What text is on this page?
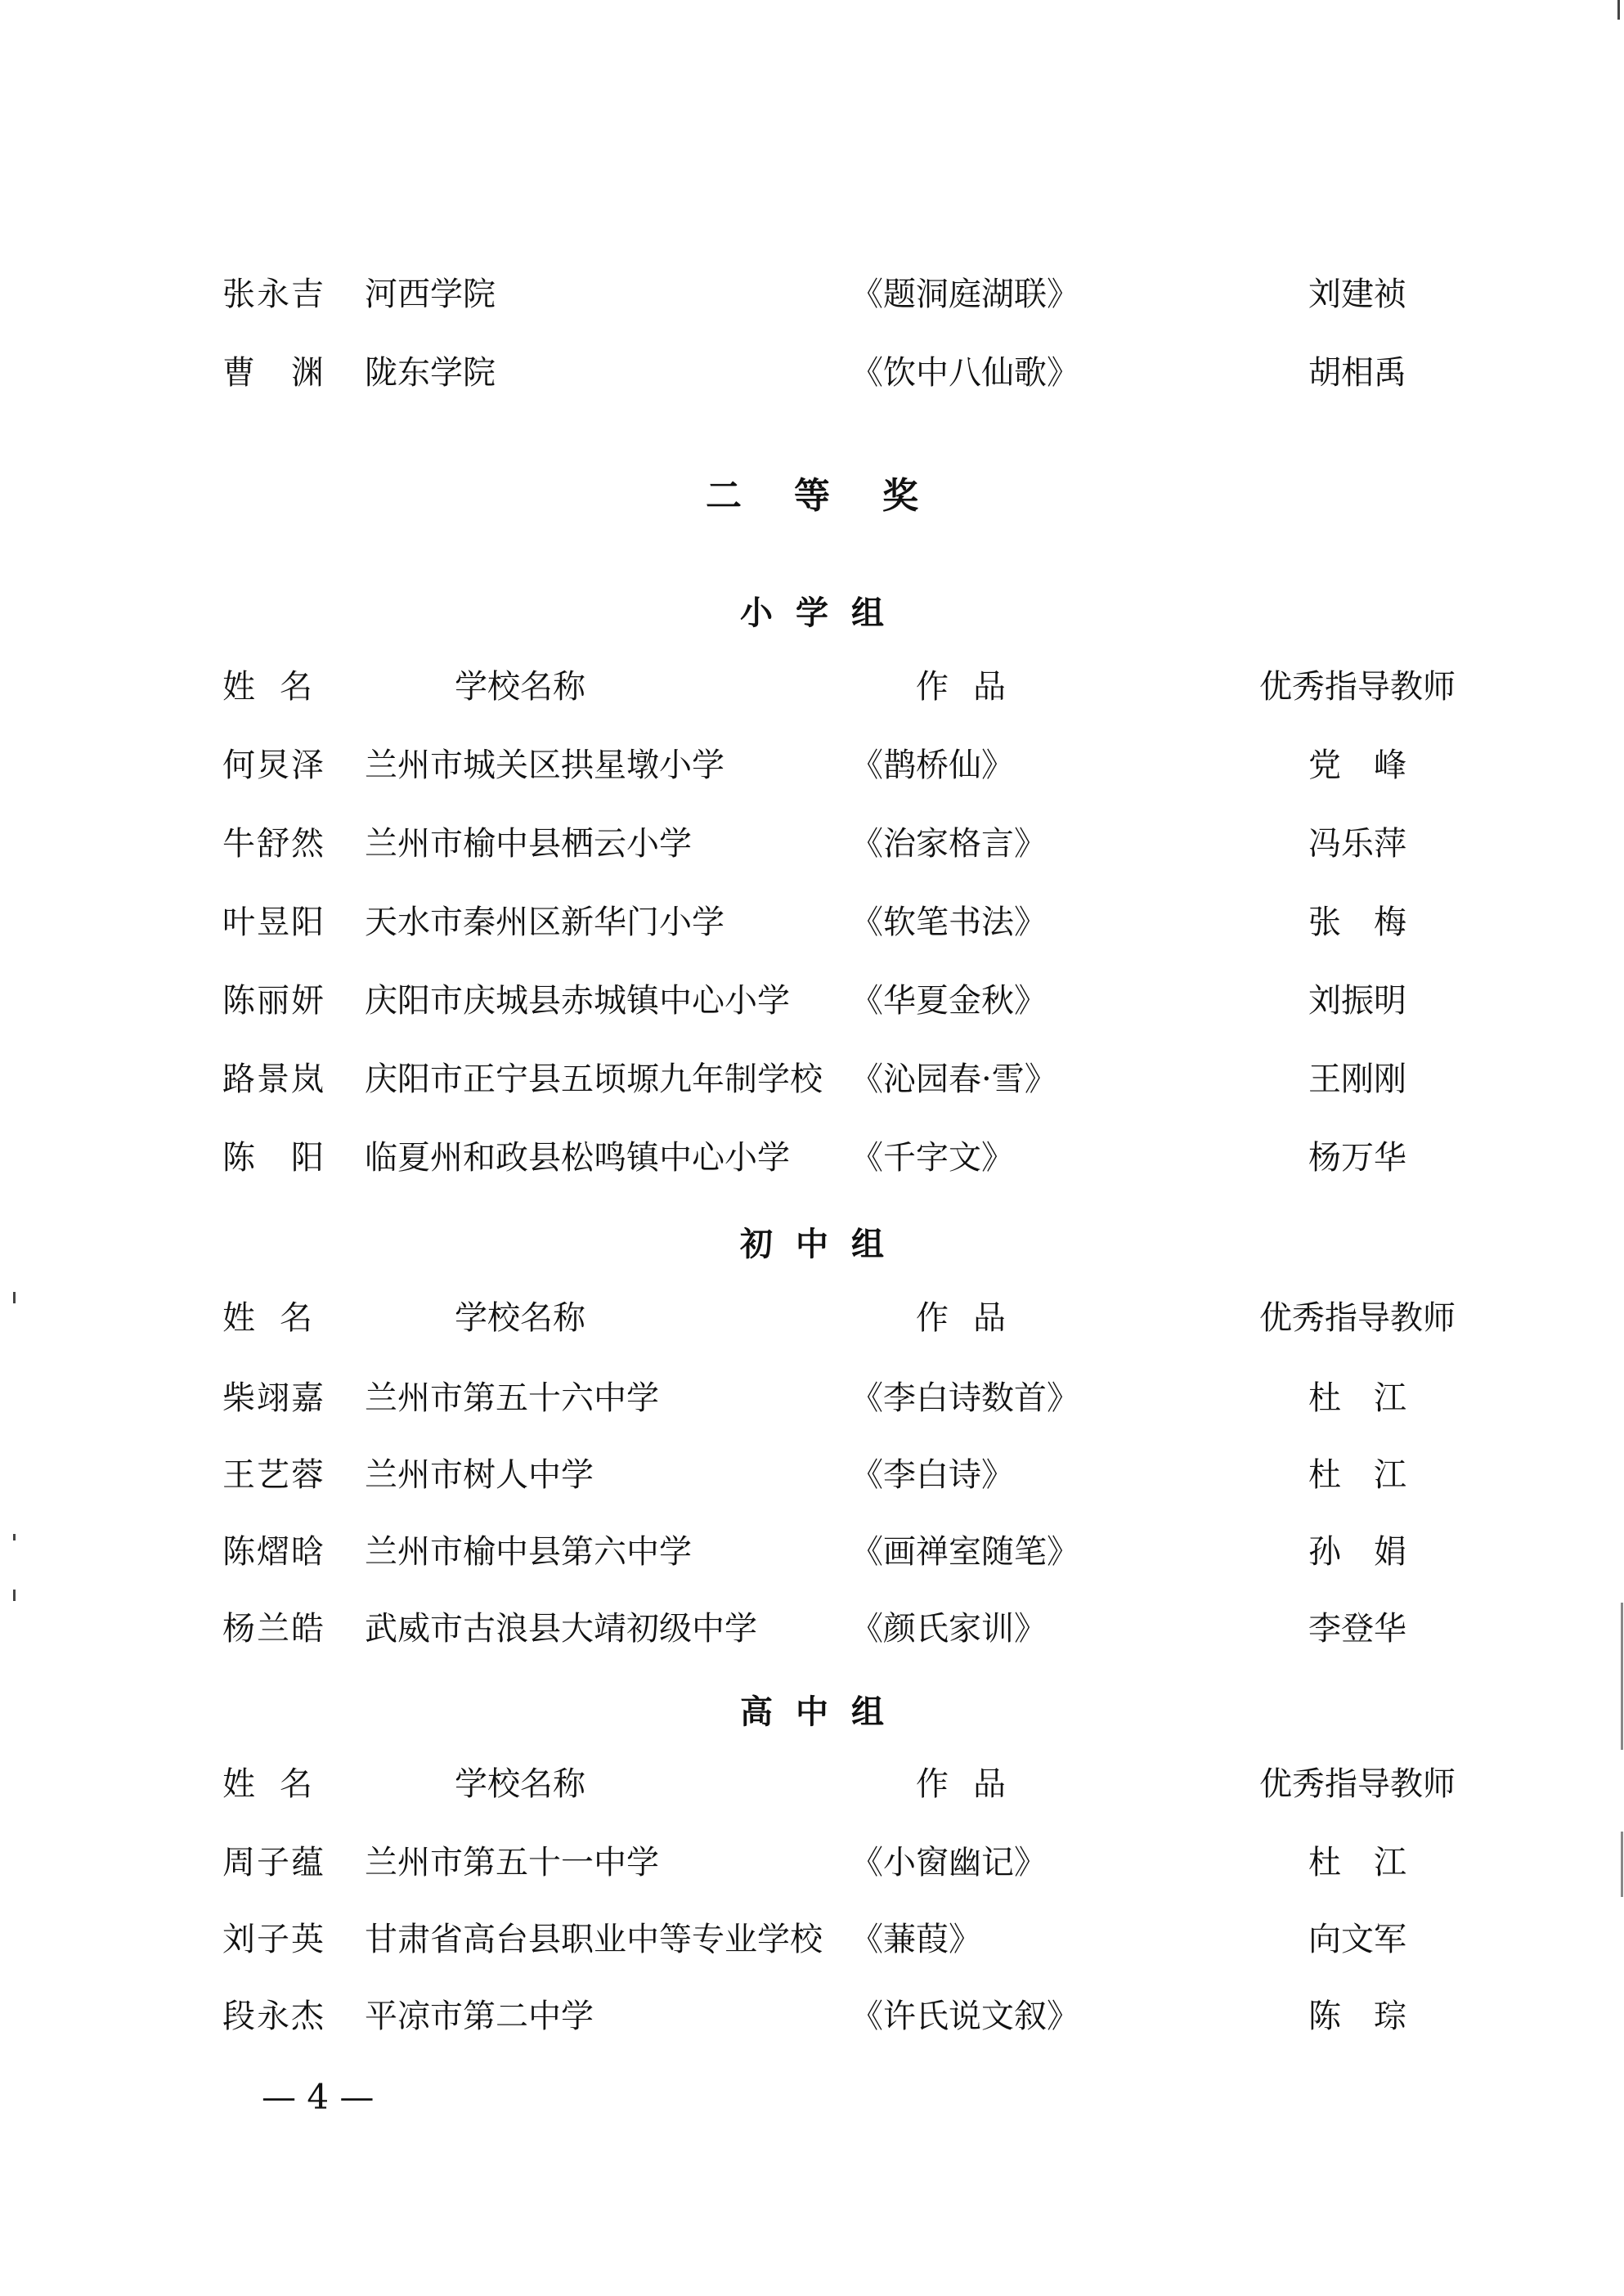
张永吉 河西学院	《题洞庭湖联》	刘建祯
曹　渊 陇东学院	《饮中八仙歌》	胡相禹
二等奖
小学组
姓名	学校名称	作品	优秀指导教师
何炅泽 兰州市城关区拱星墩小学	《鹊桥仙》	党　峰
牛舒然 兰州市榆中县栖云小学	《治家格言》	冯乐萍
叶昱阳 天水市秦州区新华门小学	《软笔书法》	张　梅
陈丽妍 庆阳市庆城县赤城镇中心小学 《华夏金秋》	刘振明
路景岚 庆阳市正宁县五顷塬九年制学校 《沁园春·雪》	王刚刚
陈　阳 临夏州和政县松鸣镇中心小学 《千字文》	杨万华
初中组
姓名	学校名称	作品	优秀指导教师
柴翊嘉 兰州市第五十六中学	《李白诗数首》	杜　江
王艺蓉 兰州市树人中学	《李白诗》	杜　江
陈熠晗 兰州市榆中县第六中学	《画禅室随笔》	孙　娟
杨兰皓 武威市古浪县大靖初级中学	《颜氏家训》	李登华
高中组
姓名	学校名称	作品	优秀指导教师
周子蕴 兰州市第五十一中学	《小窗幽记》	杜　江
刘子英 甘肃省高台县职业中等专业学校 《蒹葭》	向文军
段永杰 平凉市第二中学	《许氏说文叙》	陈　琮
— 4 —
